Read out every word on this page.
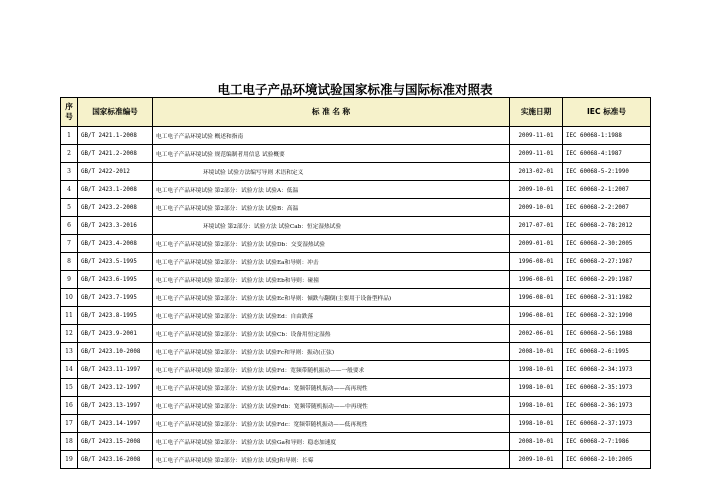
电工电子产品环境试验国家标准与国际标准对照表
序
号	国家标准编号	标 准 名 称	实施日期	IEC 标准号
1	GB/T 2421.1-2008	电工电子产品环境试验 概述和指南	2009-11-01	IEC 60068-1:1988
2	GB/T 2421.2-2008	电工电子产品环境试验 规范编制者用信息 试验概要	2009-11-01	IEC 60068-4:1987
3	GB/T 2422-2012	环境试验 试验方法编写导则 术语和定义	2013-02-01	IEC 60068-5-2:1990
4	GB/T 2423.1-2008	电工电子产品环境试验 第2部分：试验方法 试验A：低温	2009-10-01	IEC 60068-2-1:2007
5	GB/T 2423.2-2008	电工电子产品环境试验 第2部分：试验方法 试验B：高温	2009-10-01	IEC 60068-2-2:2007
6	GB/T 2423.3-2016	环境试验 第2部分：试验方法 试验Cab：恒定湿热试验	2017-07-01	IEC 60068-2-78:2012
7	GB/T 2423.4-2008	电工电子产品环境试验 第2部分：试验方法 试验Db：交变湿热试验	2009-01-01	IEC 60068-2-30:2005
8	GB/T 2423.5-1995	电工电子产品环境试验 第2部分：试验方法 试验Ea和导则：冲击	1996-08-01	IEC 60068-2-27:1987
9	GB/T 2423.6-1995	电工电子产品环境试验 第2部分：试验方法 试验Eb和导则：碰撞	1996-08-01	IEC 60068-2-29:1987
10	GB/T 2423.7-1995	电工电子产品环境试验 第2部分：试验方法 试验Ec和导则：倾跌与翻倒(主要用于设备型样品)	1996-08-01	IEC 60068-2-31:1982
11	GB/T 2423.8-1995	电工电子产品环境试验 第2部分：试验方法 试验Ed：自由跌落	1996-08-01	IEC 60068-2-32:1990
12	GB/T 2423.9-2001	电工电子产品环境试验 第2部分：试验方法 试验Cb：设备用恒定湿热	2002-06-01	IEC 60068-2-56:1988
13	GB/T 2423.10-2008	电工电子产品环境试验 第2部分：试验方法 试验Fc和导则：振动(正弦)	2008-10-01	IEC 60068-2-6:1995
14	GB/T 2423.11-1997	电工电子产品环境试验 第2部分：试验方法 试验Fd：宽频带随机振动——一般要求	1998-10-01	IEC 60068-2-34:1973
15	GB/T 2423.12-1997	电工电子产品环境试验 第2部分：试验方法 试验Fda：宽频带随机振动——高再现性	1998-10-01	IEC 60068-2-35:1973
16	GB/T 2423.13-1997	电工电子产品环境试验 第2部分：试验方法 试验Fdb：宽频带随机振动——中再现性	1998-10-01	IEC 60068-2-36:1973
17	GB/T 2423.14-1997	电工电子产品环境试验 第2部分：试验方法 试验Fdc：宽频带随机振动——低再现性	1998-10-01	IEC 60068-2-37:1973
18	GB/T 2423.15-2008	电工电子产品环境试验 第2部分：试验方法 试验Ga和导则：稳态加速度	2008-10-01	IEC 60068-2-7:1986
19	GB/T 2423.16-2008	电工电子产品环境试验 第2部分：试验方法 试验J和导则：长霉	2009-10-01	IEC 60068-2-10:2005
